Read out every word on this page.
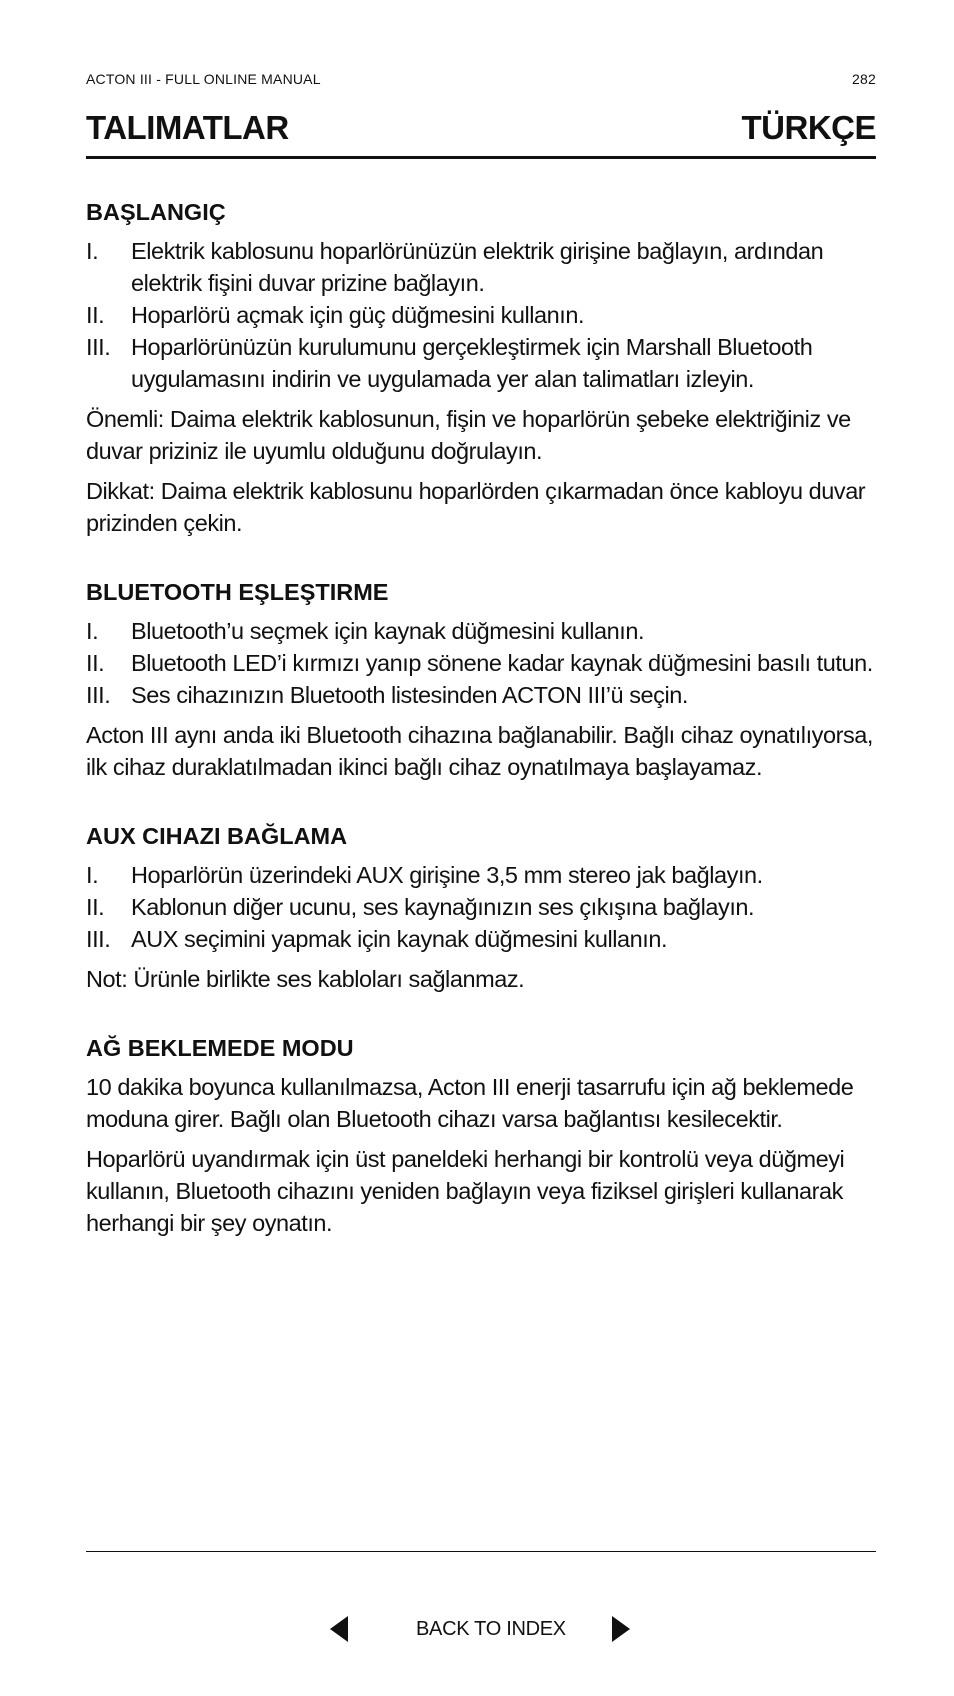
ACTON III - FULL ONLINE MANUAL	282
TALIMATLAR	TÜRKÇE
BAŞLANGIÇ
I.	Elektrik kablosunu hoparlörünüzün elektrik girişine bağlayın, ardından elektrik fişini duvar prizine bağlayın.
II.	Hoparlörü açmak için güç düğmesini kullanın.
III. Hoparlörünüzün kurulumunu gerçekleştirmek için Marshall Bluetooth uygulamasını indirin ve uygulamada yer alan talimatları izleyin.

Önemli: Daima elektrik kablosunun, fişin ve hoparlörün şebeke elektriğiniz ve duvar priziniz ile uyumlu olduğunu doğrulayın.

Dikkat: Daima elektrik kablosunu hoparlörden çıkarmadan önce kabloyu duvar prizinden çekin.

BLUETOOTH EŞLEŞTIRME
I.	Bluetooth’u seçmek için kaynak düğmesini kullanın.
II.	Bluetooth LED’i kırmızı yanıp sönene kadar kaynak düğmesini basılı tutun.
III. Ses cihazınızın Bluetooth listesinden ACTON III’ü seçin.

Acton III aynı anda iki Bluetooth cihazına bağlanabilir. Bağlı cihaz oynatılıyorsa, ilk cihaz duraklatılmadan ikinci bağlı cihaz oynatılmaya başlayamaz.

AUX CIHAZI BAĞLAMA
I.	Hoparlörün üzerindeki AUX girişine 3,5 mm stereo jak bağlayın.
II.	Kablonun diğer ucunu, ses kaynağınızın ses çıkışına bağlayın.
III. AUX seçimini yapmak için kaynak düğmesini kullanın.

Not: Ürünle birlikte ses kabloları sağlanmaz.

AĞ BEKLEMEDE MODU

10 dakika boyunca kullanılmazsa, Acton III enerji tasarrufu için ağ beklemede moduna girer. Bağlı olan Bluetooth cihazı varsa bağlantısı kesilecektir.

Hoparlörü uyandırmak için üst paneldeki herhangi bir kontrolü veya düğmeyi kullanın, Bluetooth cihazını yeniden bağlayın veya fiziksel girişleri kullanarak herhangi bir şey oynatın.

BACK TO INDEX
